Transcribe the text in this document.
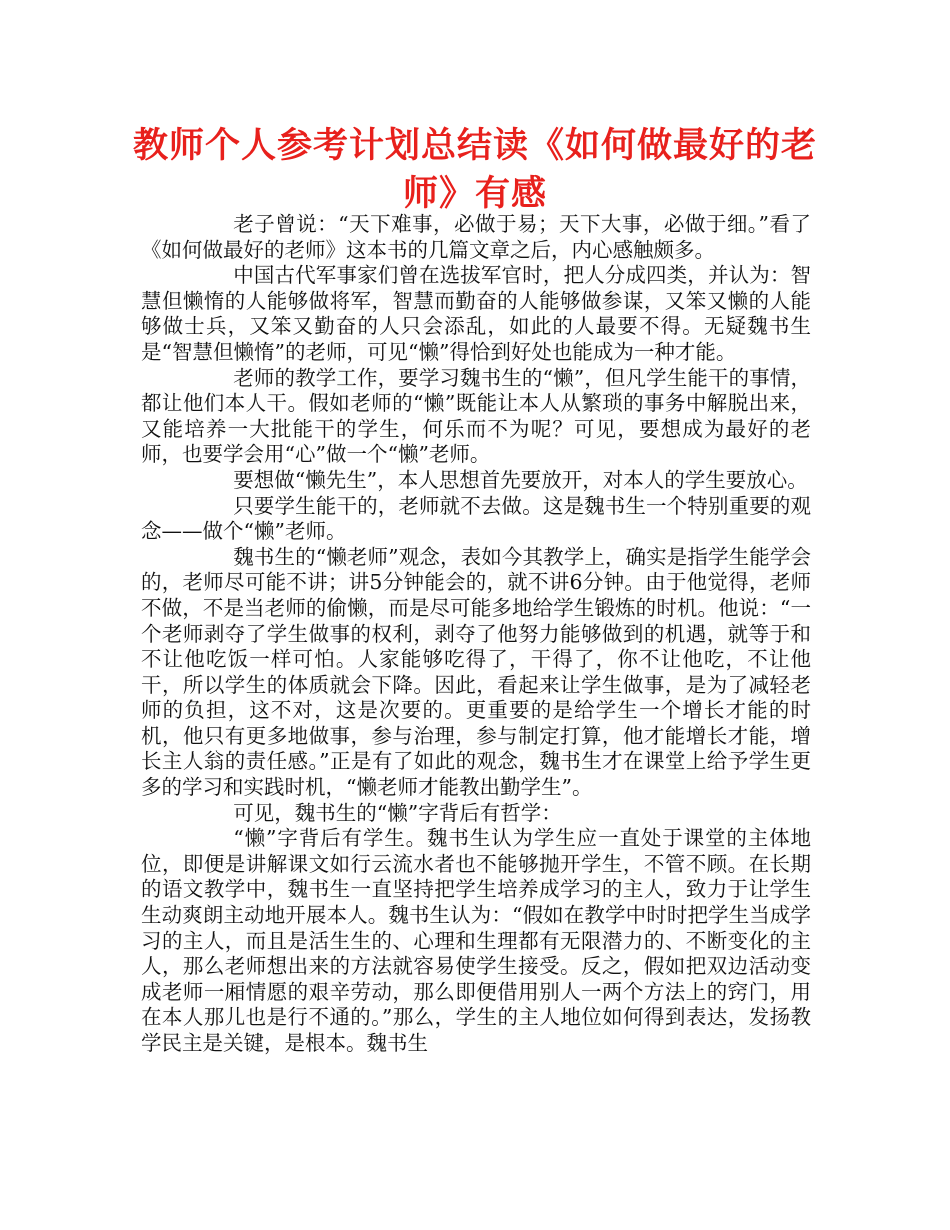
教师个人参考计划总结读《如何做最好的老师》有感

老子曾说：“天下难事，必做于易；天下大事，必做于细。”看了《如何做最好的老师》这本书的几篇文章之后，内心感触颇多。

中国古代军事家们曾在选拔军官时，把人分成四类，并认为：智慧但懒惰的人能够做将军，智慧而勤奋的人能够做参谋，又笨又懒的人能够做士兵，又笨又勤奋的人只会添乱，如此的人最要不得。无疑魏书生是“智慧但懒惰”的老师，可见“懒”得恰到好处也能成为一种才能。

老师的教学工作，要学习魏书生的“懒”，但凡学生能干的事情，都让他们本人干。假如老师的“懒”既能让本人从繁琐的事务中解脱出来，又能培养一大批能干的学生，何乐而不为呢？可见，要想成为最好的老师，也要学会用“心”做一个“懒”老师。

要想做“懒先生”，本人思想首先要放开，对本人的学生要放心。

只要学生能干的，老师就不去做。这是魏书生一个特别重要的观念——做个“懒”老师。

魏书生的“懒老师”观念，表如今其教学上，确实是指学生能学会的，老师尽可能不讲；讲5分钟能会的，就不讲6分钟。由于他觉得，老师不做，不是当老师的偷懒，而是尽可能多地给学生锻炼的时机。他说：“一个老师剥夺了学生做事的权利，剥夺了他努力能够做到的机遇，就等于和不让他吃饭一样可怕。人家能够吃得了，干得了，你不让他吃，不让他干，所以学生的体质就会下降。因此，看起来让学生做事，是为了减轻老师的负担，这不对，这是次要的。更重要的是给学生一个增长才能的时机，他只有更多地做事，参与治理，参与制定打算，他才能增长才能，增长主人翁的责任感。”正是有了如此的观念，魏书生才在课堂上给予学生更多的学习和实践时机，“懒老师才能教出勤学生”。

可见，魏书生的“懒”字背后有哲学：

“懒”字背后有学生。魏书生认为学生应一直处于课堂的主体地位，即便是讲解课文如行云流水者也不能够抛开学生，不管不顾。在长期的语文教学中，魏书生一直坚持把学生培养成学习的主人，致力于让学生生动爽朗主动地开展本人。魏书生认为：“假如在教学中时时把学生当成学习的主人，而且是活生生的、心理和生理都有无限潜力的、不断变化的主人，那么老师想出来的方法就容易使学生接受。反之，假如把双边活动变成老师一厢情愿的艰辛劳动，那么即便借用别人一两个方法上的窍门，用在本人那儿也是行不通的。”那么，学生的主人地位如何得到表达，发扬教学民主是关键，是根本。魏书生
